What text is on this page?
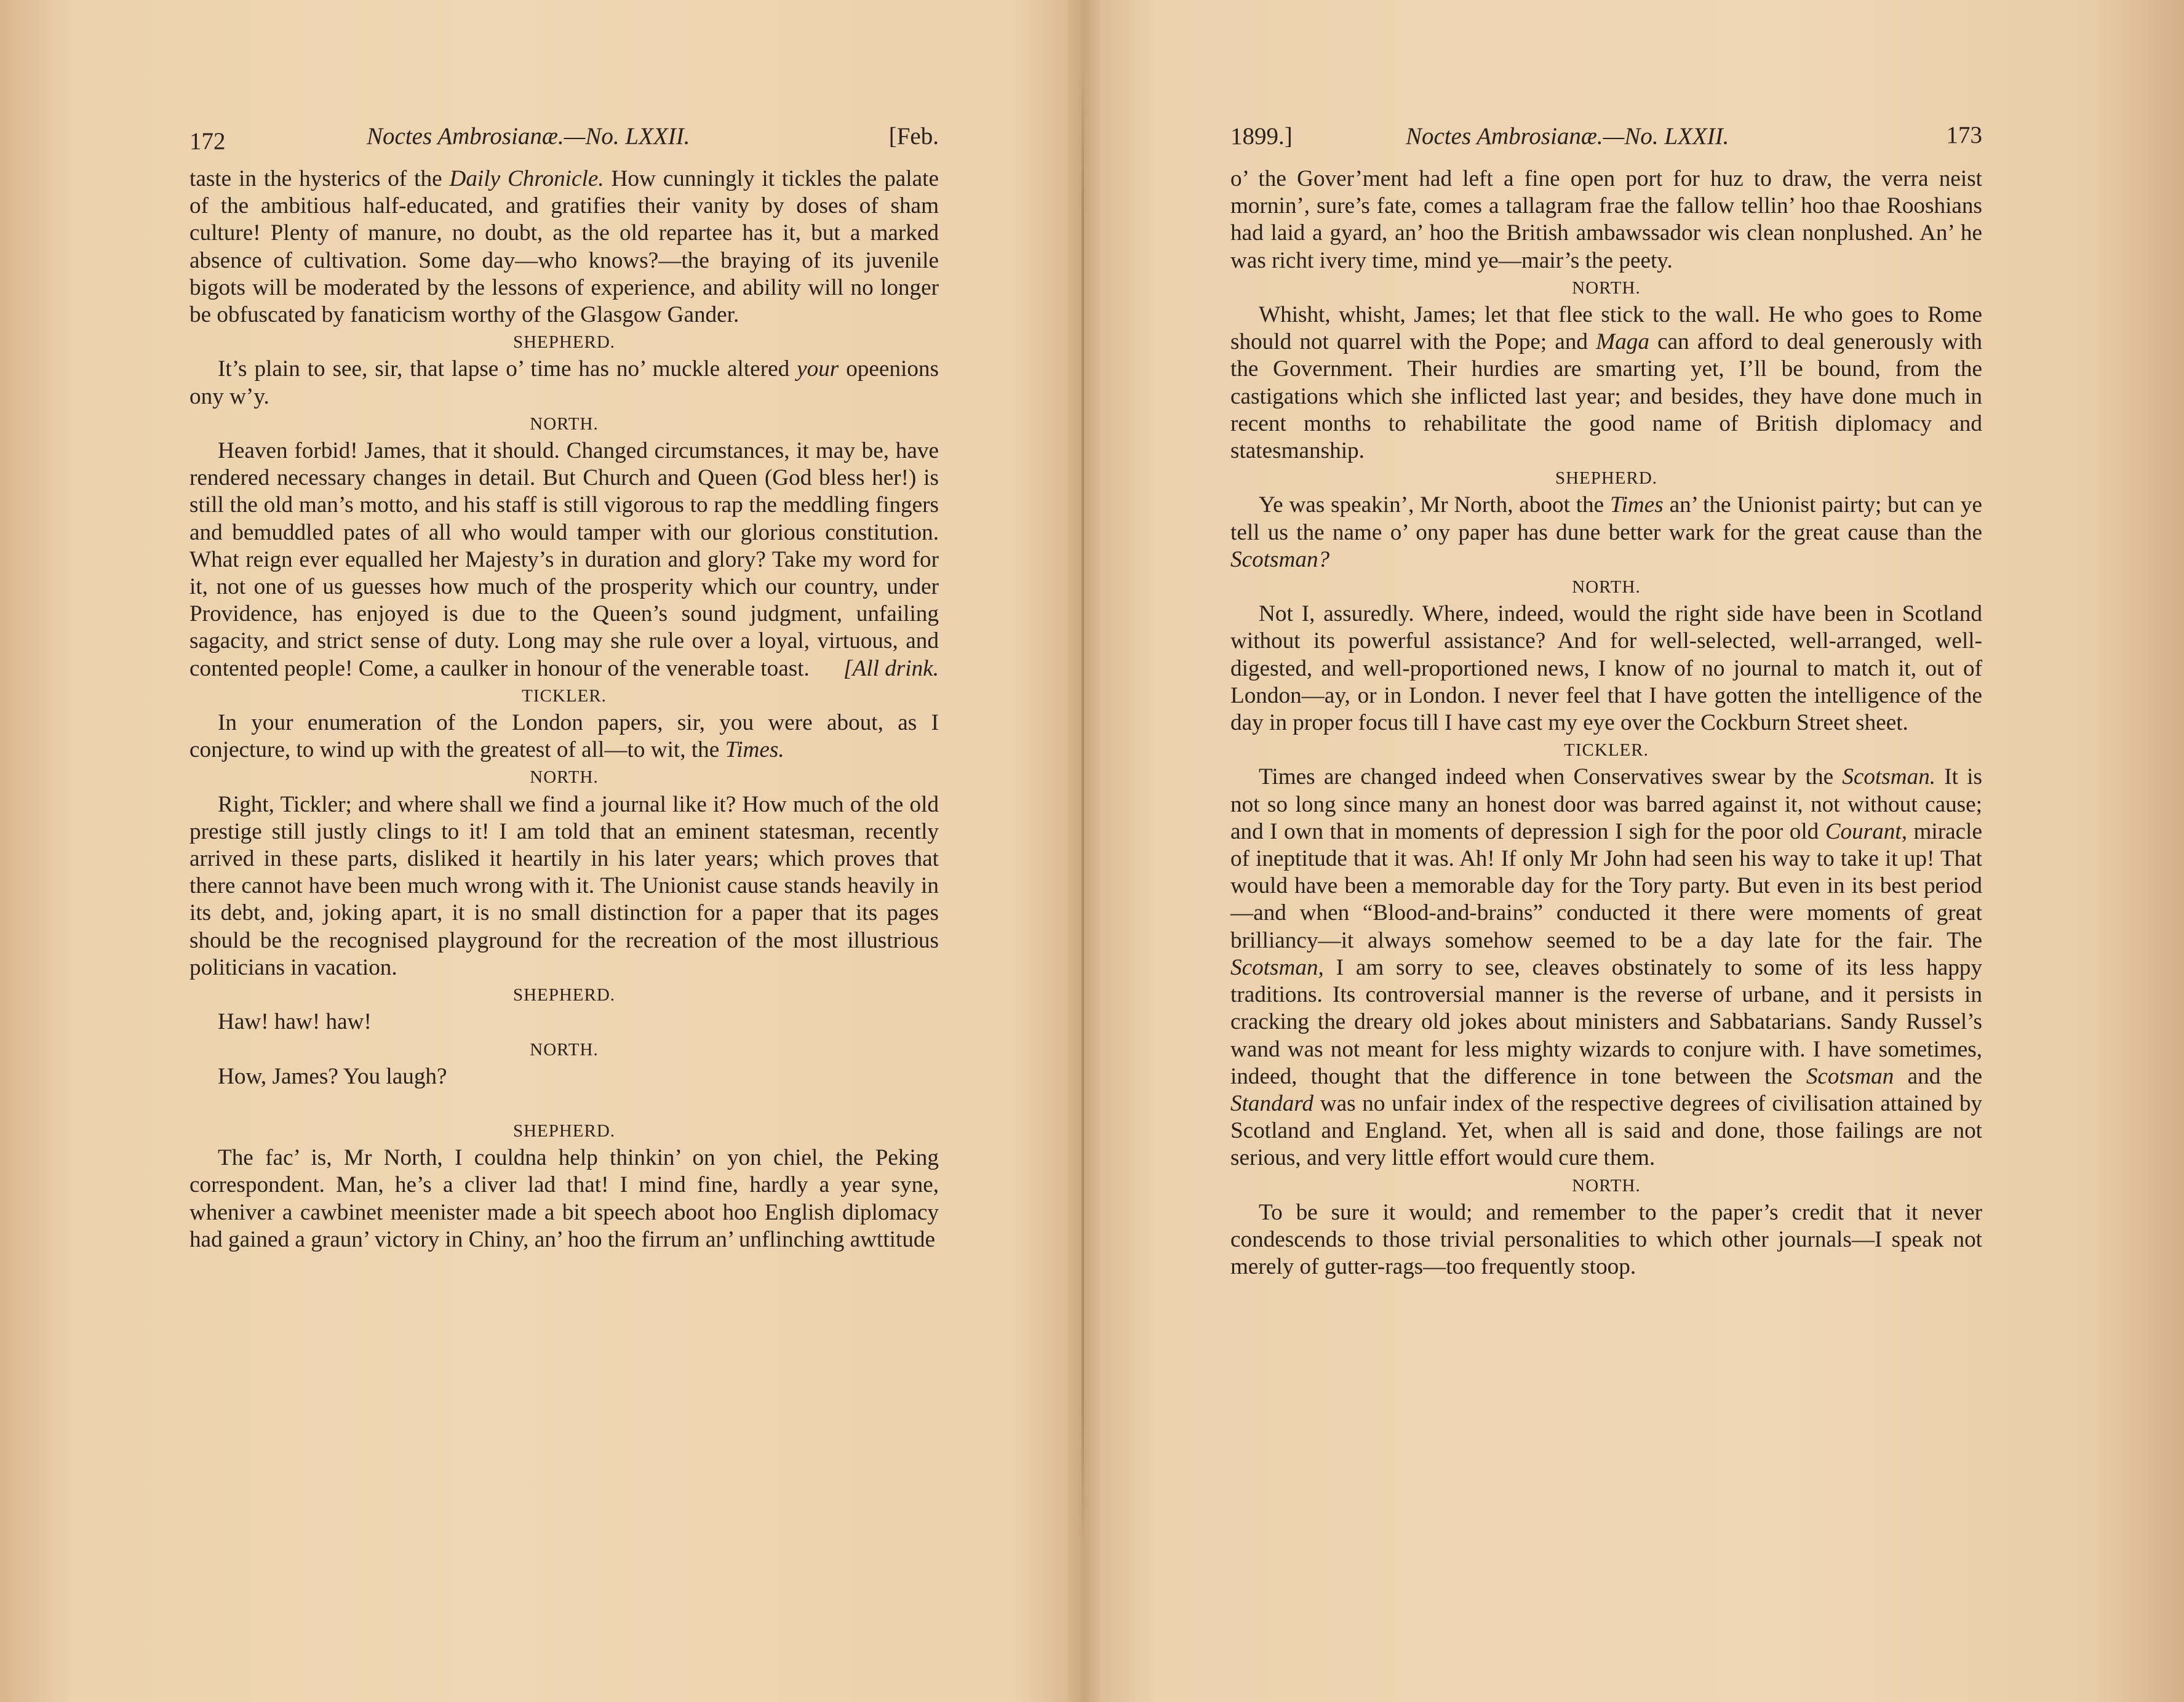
172	Noctes Ambrosianæ.—No. LXXII.	[Feb.

taste in the hysterics of the Daily Chronicle. How cunningly it tickles the palate of the ambitious half-educated, and gratifies their vanity by doses of sham culture! Plenty of manure, no doubt, as the old repartee has it, but a marked absence of cultivation. Some day—who knows?—the braying of its juvenile bigots will be moderated by the lessons of experience, and ability will no longer be obfuscated by fanaticism worthy of the Glasgow Gander.

SHEPHERD.

It’s plain to see, sir, that lapse o’ time has no’ muckle altered your opeenions ony w’y.

NORTH.

Heaven forbid! James, that it should. Changed circumstances, it may be, have rendered necessary changes in detail. But Church and Queen (God bless her!) is still the old man’s motto, and his staff is still vigorous to rap the meddling fingers and bemuddled pates of all who would tamper with our glorious constitution. What reign ever equalled her Majesty’s in duration and glory? Take my word for it, not one of us guesses how much of the prosperity which our country, under Providence, has enjoyed is due to the Queen’s sound judgment, unfailing sagacity, and strict sense of duty. Long may she rule over a loyal, virtuous, and contented people! Come, a caulker in honour of the venerable toast.	[All drink.

TICKLER.

In your enumeration of the London papers, sir, you were about, as I conjecture, to wind up with the greatest of all—to wit, the Times.

NORTH.

Right, Tickler; and where shall we find a journal like it? How much of the old prestige still justly clings to it! I am told that an eminent statesman, recently arrived in these parts, disliked it heartily in his later years; which proves that there cannot have been much wrong with it. The Unionist cause stands heavily in its debt, and, joking apart, it is no small distinction for a paper that its pages should be the recognised playground for the recreation of the most illustrious politicians in vacation.

SHEPHERD.

Haw! haw! haw!

NORTH.

How, James? You laugh?

SHEPHERD.

The fac’ is, Mr North, I couldna help thinkin’ on yon chiel, the Peking correspondent. Man, he’s a cliver lad that! I mind fine, hardly a year syne, wheniver a cawbinet meenister made a bit speech aboot hoo English diplomacy had gained a graun’ victory in Chiny, an’ hoo the firrum an’ unflinching awttitude

1899.]	Noctes Ambrosianæ.—No. LXXII.	173

o’ the Gover’ment had left a fine open port for huz to draw, the verra neist mornin’, sure’s fate, comes a tallagram frae the fallow tellin’ hoo thae Rooshians had laid a gyard, an’ hoo the British ambawssador wis clean nonplushed. An’ he was richt ivery time, mind ye—mair’s the peety.

NORTH.

Whisht, whisht, James; let that flee stick to the wall. He who goes to Rome should not quarrel with the Pope; and Maga can afford to deal generously with the Government. Their hurdies are smarting yet, I’ll be bound, from the castigations which she inflicted last year; and besides, they have done much in recent months to rehabilitate the good name of British diplomacy and statesmanship.

SHEPHERD.

Ye was speakin’, Mr North, aboot the Times an’ the Unionist pairty; but can ye tell us the name o’ ony paper has dune better wark for the great cause than the Scotsman?

NORTH.

Not I, assuredly. Where, indeed, would the right side have been in Scotland without its powerful assistance? And for well-selected, well-arranged, well-digested, and well-proportioned news, I know of no journal to match it, out of London—ay, or in London. I never feel that I have gotten the intelligence of the day in proper focus till I have cast my eye over the Cockburn Street sheet.

TICKLER.

Times are changed indeed when Conservatives swear by the Scotsman. It is not so long since many an honest door was barred against it, not without cause; and I own that in moments of depression I sigh for the poor old Courant, miracle of ineptitude that it was. Ah! If only Mr John had seen his way to take it up! That would have been a memorable day for the Tory party. But even in its best period—and when “Blood-and-brains” conducted it there were moments of great brilliancy—it always somehow seemed to be a day late for the fair. The Scotsman, I am sorry to see, cleaves obstinately to some of its less happy traditions. Its controversial manner is the reverse of urbane, and it persists in cracking the dreary old jokes about ministers and Sabbatarians. Sandy Russel’s wand was not meant for less mighty wizards to conjure with. I have sometimes, indeed, thought that the difference in tone between the Scotsman and the Standard was no unfair index of the respective degrees of civilisation attained by Scotland and England. Yet, when all is said and done, those failings are not serious, and very little effort would cure them.

NORTH.

To be sure it would; and remember to the paper’s credit that it never condescends to those trivial personalities to which other journals—I speak not merely of gutter-rags—too frequently stoop.
